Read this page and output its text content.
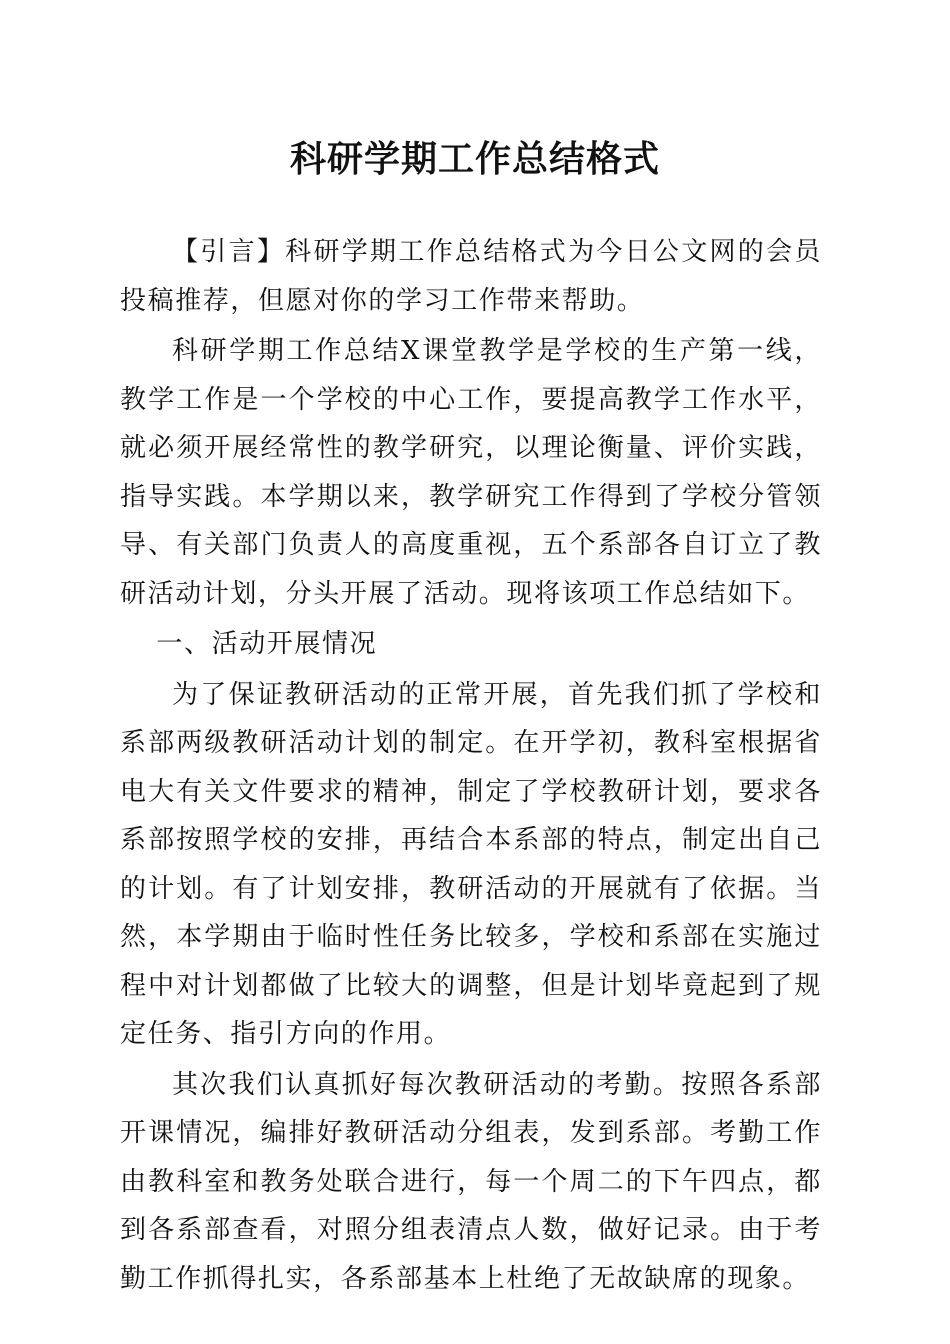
科研学期工作总结格式

【引言】科研学期工作总结格式为今日公文网的会员投稿推荐，但愿对你的学习工作带来帮助。

科研学期工作总结X课堂教学是学校的生产第一线，教学工作是一个学校的中心工作，要提高教学工作水平，就必须开展经常性的教学研究，以理论衡量、评价实践，指导实践。本学期以来，教学研究工作得到了学校分管领导、有关部门负责人的高度重视，五个系部各自订立了教研活动计划，分头开展了活动。现将该项工作总结如下。

一、活动开展情况

为了保证教研活动的正常开展，首先我们抓了学校和系部两级教研活动计划的制定。在开学初，教科室根据省电大有关文件要求的精神，制定了学校教研计划，要求各系部按照学校的安排，再结合本系部的特点，制定出自己的计划。有了计划安排，教研活动的开展就有了依据。当然，本学期由于临时性任务比较多，学校和系部在实施过程中对计划都做了比较大的调整，但是计划毕竟起到了规定任务、指引方向的作用。

其次我们认真抓好每次教研活动的考勤。按照各系部开课情况，编排好教研活动分组表，发到系部。考勤工作由教科室和教务处联合进行，每一个周二的下午四点，都到各系部查看，对照分组表清点人数，做好记录。由于考勤工作抓得扎实，各系部基本上杜绝了无故缺席的现象。
